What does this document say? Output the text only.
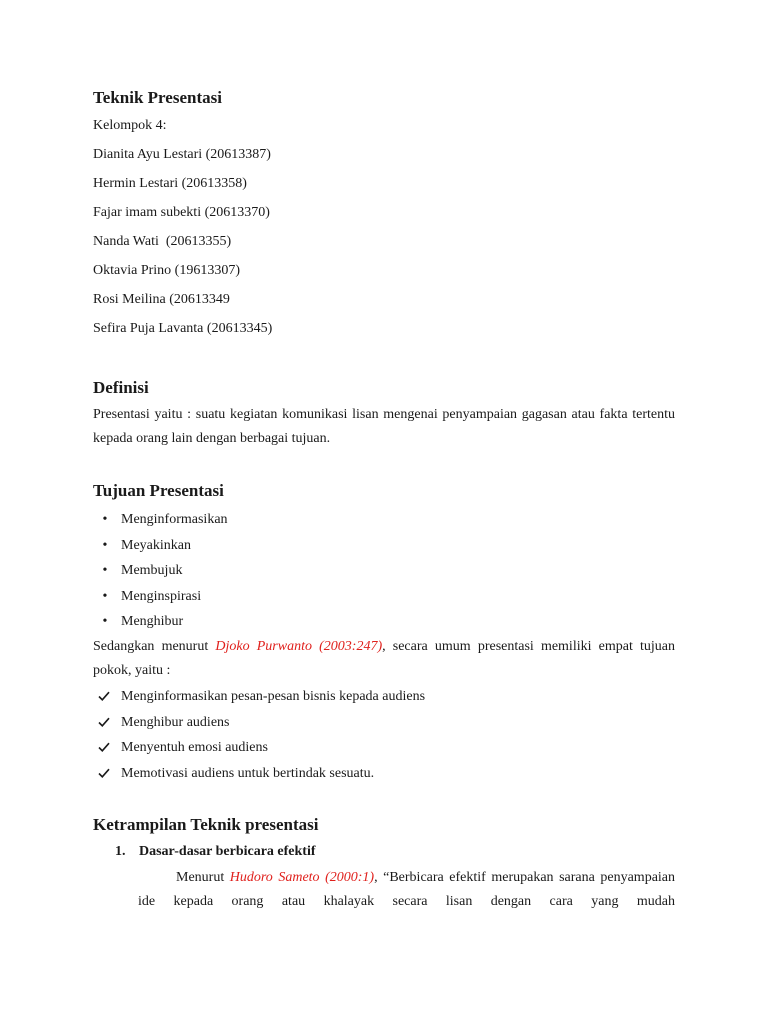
Teknik Presentasi
Kelompok 4:
Dianita Ayu Lestari (20613387)
Hermin Lestari (20613358)
Fajar imam subekti (20613370)
Nanda Wati  (20613355)
Oktavia Prino (19613307)
Rosi Meilina (20613349
Sefira Puja Lavanta (20613345)
Definisi
Presentasi yaitu : suatu kegiatan komunikasi lisan mengenai penyampaian gagasan atau fakta tertentu kepada orang lain dengan berbagai tujuan.
Tujuan Presentasi
• Menginformasikan
• Meyakinkan
• Membujuk
• Menginspirasi
• Menghibur
Sedangkan menurut Djoko Purwanto (2003:247), secara umum presentasi memiliki empat tujuan pokok, yaitu :
Menginformasikan pesan-pesan bisnis kepada audiens
Menghibur audiens
Menyentuh emosi audiens
Memotivasi audiens untuk bertindak sesuatu.
Ketrampilan Teknik presentasi
1. Dasar-dasar berbicara efektif
Menurut Hudoro Sameto (2000:1), “Berbicara efektif merupakan sarana penyampaian ide kepada orang atau khalayak secara lisan dengan cara yang mudah
